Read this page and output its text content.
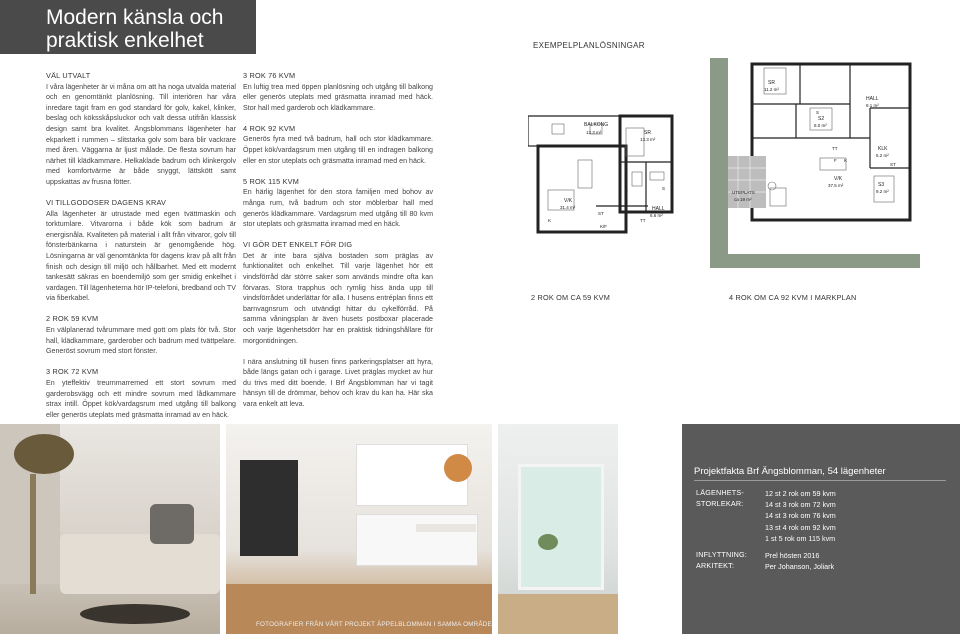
Modern känsla och
praktisk enkelhet	EXEMPELPLANLÖSNINGAR
VÄL UTVALT

I våra lägenheter är vi måna om att ha noga utvalda material och en genomtänkt planlösning. Till interiören har våra inredare tagit fram en god standard för golv, kakel, klinker, beslag och köksskåpsluckor och valt dessa utifrån klassisk design samt bra kvalitet. Ängsblommans lägenheter har ekparkett i rummen – slitstarka golv som bara blir vackrare med åren. Väggarna är ljust målade. De flesta sovrum har närhet till klädkammare. Helkaklade badrum och klinkergolv med komfortvärme är både snyggt, lättskött samt uppskattas av frusna fötter.

VI TILLGODOSER DAGENS KRAV

Alla lägenheter är utrustade med egen tvättmaskin och torktumlare. Vitvarorna i både kök som badrum är energisnåla. Kvaliteten på material i allt från vitvaror, golv till fönsterbänkarna i naturstein är genomgående hög. Lösningarna är väl genomtänkta för dagens krav på allt från finish och design till miljö och hållbarhet. Med ett modernt tankesätt säkras en boendemiljö som ger smidig enkelhet i vardagen. Till lägenheterna hör IP-telefoni, bredband och TV via fiberkabel.

2 ROK 59 KVM

En välplanerad tvårummare med gott om plats för två. Stor hall, klädkammare, garderober och badrum med tvättpelare. Generöst sovrum med stort fönster.

3 ROK 72 KVM

En yteffektiv treurnmarremed ett stort sovrum med garderobsvägg och ett mindre sovrum med lådkammare strax intill. Öppet kök/vardagsrum med utgång till balkong eller generös uteplats med gräsmatta inramad av en häck.

3 ROK 76 KVM

En luftig trea med öppen planlösning och utgång till balkong eller generös uteplats med gräsmatta inramad med häck. Stor hall med garderob och klädkammare.

4 ROK 92 KVM

Generös fyra med två badrum, hall och stor klädkammare. Öppet kök/vardagsrum men utgång till en indragen balkong eller en stor uteplats och gräsmatta inramad med en häck.

5 ROK 115 KVM

En härlig lägenhet för den stora familjen med bohov av många rum, två badrum och stor möblerbar hall med generös klädkammare. Vardagsrum med utgång till 80 kvm stor uteplats och gräsmatta inramad med en häck.

VI GÖR DET ENKELT FÖR DIG

Det är inte bara själva bostaden som präglas av funktionalitet och enkelhet. Till varje lägenhet hör ett vindsförråd där större saker som används mindre ofta kan förvaras. Stora trapphus och rymlig hiss ända upp till vindsförrådet underlättar för alla. I husens entréplan finns ett barnvagnsrum och utvändigt hittar du cykelförråd. På samma våningsplan är även husets postboxar placerade och varje lägenhetsdörr har en praktisk tidningshållare för morgontidningen.

I nära anslutning till husen finns parkeringsplatser att hyra, både längs gatan och i garage. Livet präglas mycket av hur du trivs med ditt boende. I Brf Ängsblomman har vi tagit hänsyn till de drömmar, behov och krav du kan ha. Här ska vara enkelt att leva.

BALKONG
13.3 m²	SR
13.3 m²
V/K
31.4 m²	HALL
6.6 m²
K/F
ST
S
TT
K
2 ROK OM CA 59 KVM
SR
11.2 m²
S2
8.0 m²
S3
9.2 m²
HALL
9.1 m²
KLK
5.2 m²
V/K
37.5 m²
UTEPLATS
ca 19 m²
K
S
ST
TT
F
4 ROK OM CA 92 KVM I MARKPLAN
Projektfakta Brf Ängsblomman, 54 lägenheter
LÄGENHETS-
STORLEKAR:
12 st 2 rok om 59 kvm
14 st 3 rok om 72 kvm
14 st 3 rok om 76 kvm
13 st 4 rok om 92 kvm
1 st 5 rok om 115 kvm
INFLYTTNING:	Prel hösten 2016
ARKITEKT:	Per Johanson, Joliark
FOTOGRAFIER FRÅN VÅRT PROJEKT ÄPPELBLOMMAN I SAMMA OMRÅDE
